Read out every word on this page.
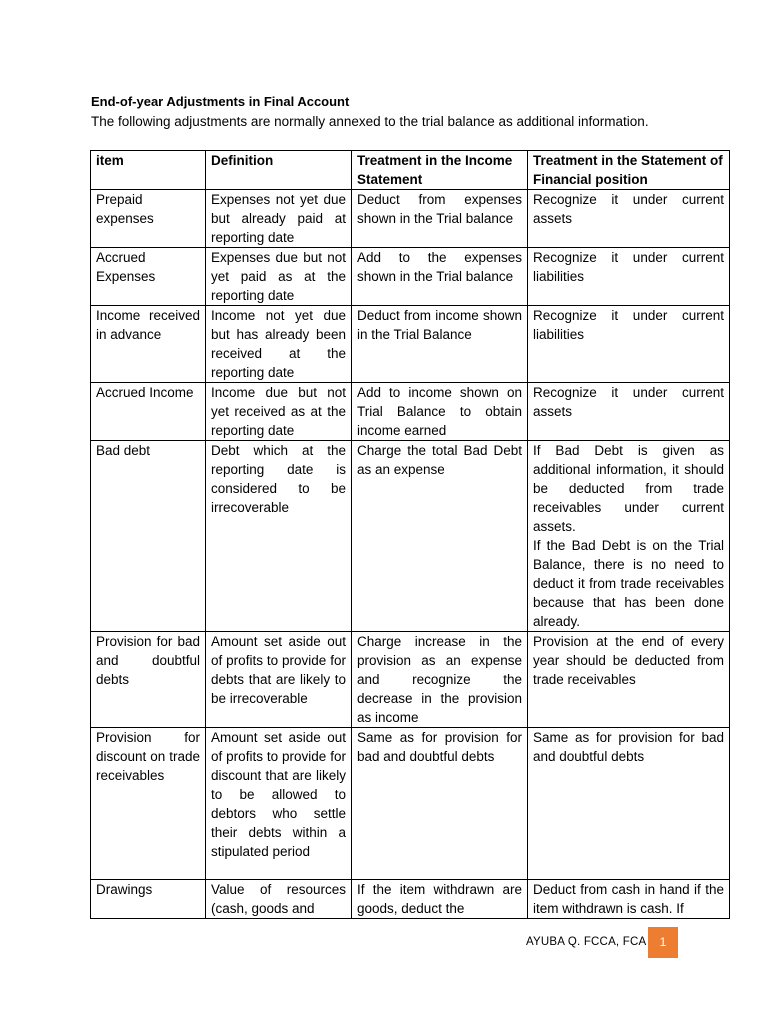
End-of-year Adjustments in Final Account
The following adjustments are normally annexed to the trial balance as additional information.
item	Definition	Treatment in the Income Statement	Treatment in the Statement of Financial position
Prepaid expenses	Expenses not yet due but already paid at reporting date	Deduct from expenses shown in the Trial balance	Recognize it under current assets
Accrued Expenses	Expenses due but not yet paid as at the reporting date	Add to the expenses shown in the Trial balance	Recognize it under current liabilities
Income received in advance	Income not yet due but has already been received at the reporting date	Deduct from income shown in the Trial Balance	Recognize it under current liabilities
Accrued Income	Income due but not yet received as at the reporting date	Add to income shown on Trial Balance to obtain income earned	Recognize it under current assets
Bad debt	Debt which at the reporting date is considered to be irrecoverable	Charge the total Bad Debt as an expense	If Bad Debt is given as additional information, it should be deducted from trade receivables under current assets.
If the Bad Debt is on the Trial Balance, there is no need to deduct it from trade receivables because that has been done already.

Provision for bad and doubtful debts	Amount set aside out of profits to provide for debts that are likely to be irrecoverable	Charge increase in the provision as an expense and recognize the decrease in the provision as income	Provision at the end of every year should be deducted from trade receivables
Provision for discount on trade receivables	Amount set aside out of profits to provide for discount that are likely to be allowed to debtors who settle their debts within a stipulated period	Same as for provision for bad and doubtful debts	Same as for provision for bad and doubtful debts
Drawings	Value of resources (cash, goods and	If the item withdrawn are goods, deduct the	Deduct from cash in hand if the item withdrawn is cash. If
AYUBA Q. FCCA, FCA	1
